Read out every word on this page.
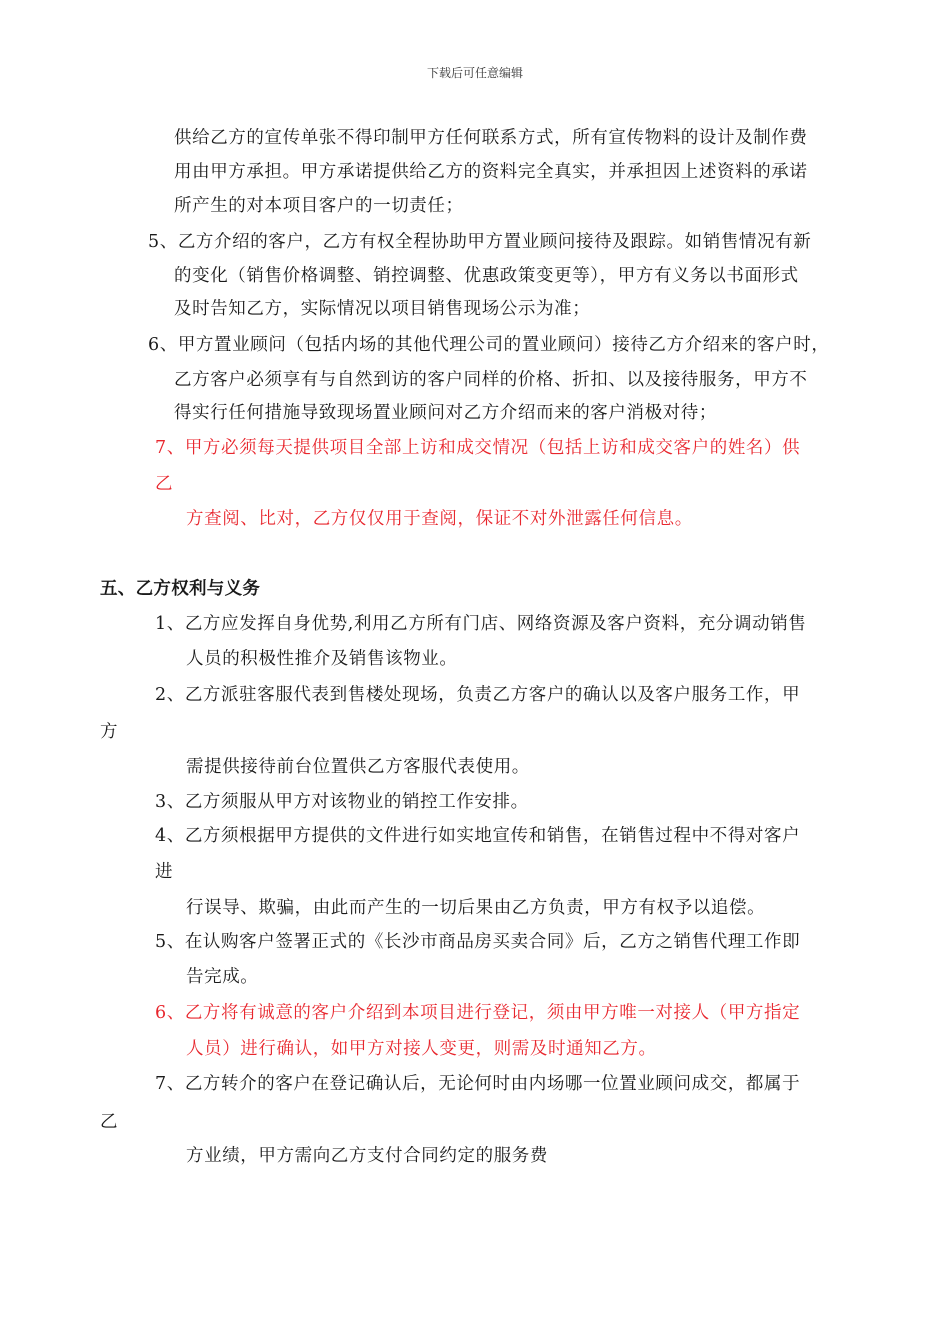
下载后可任意编辑
供给乙方的宣传单张不得印制甲方任何联系方式，所有宣传物料的设计及制作费
用由甲方承担。甲方承诺提供给乙方的资料完全真实，并承担因上述资料的承诺
所产生的对本项目客户的一切责任；
5、乙方介绍的客户，乙方有权全程协助甲方置业顾问接待及跟踪。如销售情况有新
的变化（销售价格调整、销控调整、优惠政策变更等），甲方有义务以书面形式
及时告知乙方，实际情况以项目销售现场公示为准；
6、甲方置业顾问（包括内场的其他代理公司的置业顾问）接待乙方介绍来的客户时，
乙方客户必须享有与自然到访的客户同样的价格、折扣、以及接待服务，甲方不
得实行任何措施导致现场置业顾问对乙方介绍而来的客户消极对待；
7、甲方必须每天提供项目全部上访和成交情况（包括上访和成交客户的姓名）供
乙
方查阅、比对，乙方仅仅用于查阅，保证不对外泄露任何信息。
五、乙方权利与义务
1、乙方应发挥自身优势,利用乙方所有门店、网络资源及客户资料，充分调动销售
人员的积极性推介及销售该物业。
2、乙方派驻客服代表到售楼处现场，负责乙方客户的确认以及客户服务工作，甲
方
需提供接待前台位置供乙方客服代表使用。
3、乙方须服从甲方对该物业的销控工作安排。
4、乙方须根据甲方提供的文件进行如实地宣传和销售，在销售过程中不得对客户
进
行误导、欺骗，由此而产生的一切后果由乙方负责，甲方有权予以追偿。
5、在认购客户签署正式的《长沙市商品房买卖合同》后，乙方之销售代理工作即
告完成。
6、乙方将有诚意的客户介绍到本项目进行登记，须由甲方唯一对接人（甲方指定
人员）进行确认，如甲方对接人变更，则需及时通知乙方。
7、乙方转介的客户在登记确认后，无论何时由内场哪一位置业顾问成交，都属于
乙
方业绩，甲方需向乙方支付合同约定的服务费
